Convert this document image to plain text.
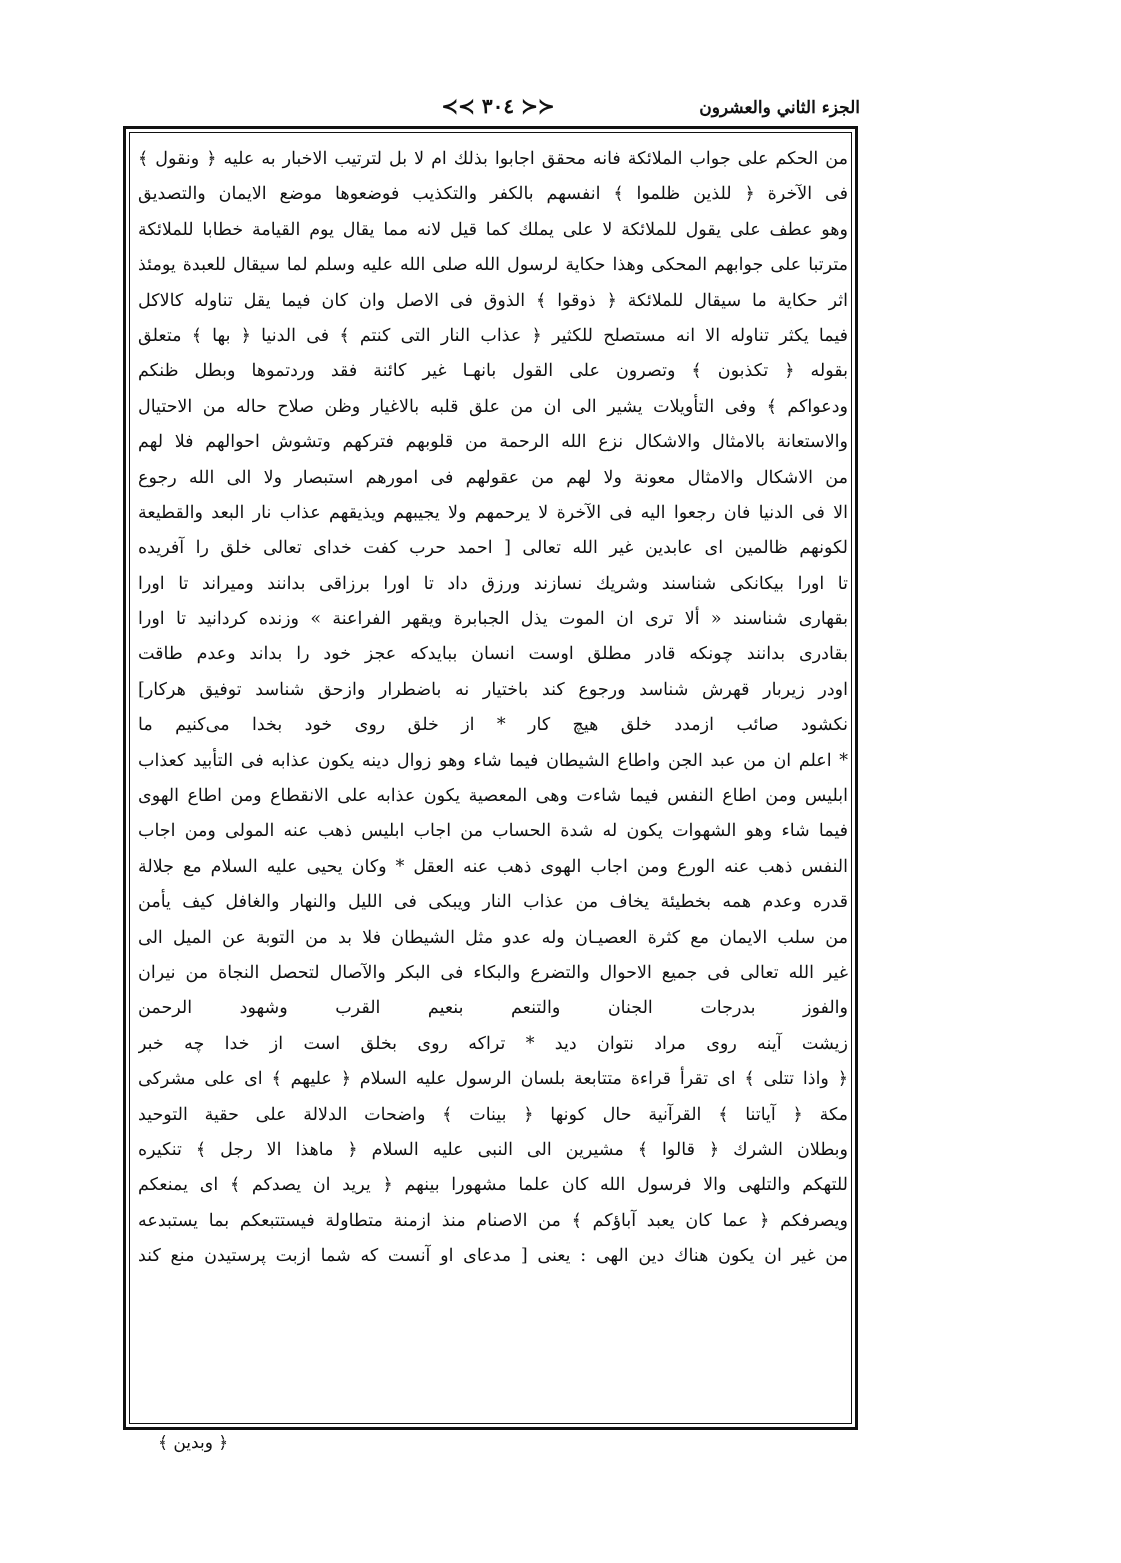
الجزء الثاني والعشرون
≺≺ ٣٠٤ ≻≻
من الحكم على جواب الملائكة فانه محقق اجابوا بذلك ام لا بل لترتيب الاخبار به عليه ﴿ ونقول ﴾
فى الآخرة ﴿ للذين ظلموا ﴾ انفسهم بالكفر والتكذيب فوضعوها موضع الايمان والتصديق
وهو عطف على يقول للملائكة لا على يملك كما قيل لانه مما يقال يوم القيامة خطابا للملائكة
مترتبا على جوابهم المحكى وهذا حكاية لرسول الله صلى الله عليه وسلم لما سيقال للعبدة يومئذ
اثر حكاية ما سيقال للملائكة ﴿ ذوقوا ﴾ الذوق فى الاصل وان كان فيما يقل تناوله كالاكل
فيما يكثر تناوله الا انه مستصلح للكثير ﴿ عذاب النار التى كنتم ﴾ فى الدنيا ﴿ بها ﴾ متعلق
بقوله ﴿ تكذبون ﴾ وتصرون على القول بانهـا غير كائنة فقد وردتموها وبطل ظنكم
ودعواكم ﴾ وفى التأويلات يشير الى ان من علق قلبه بالاغيار وظن صلاح حاله من الاحتيال
والاستعانة بالامثال والاشكال نزع الله الرحمة من قلوبهم فتركهم وتشوش احوالهم فلا لهم
من الاشكال والامثال معونة ولا لهم من عقولهم فى امورهم استبصار ولا الى الله رجوع
الا فى الدنيا فان رجعوا اليه فى الآخرة لا يرحمهم ولا يجيبهم ويذيقهم عذاب نار البعد والقطيعة
لكونهم ظالمين اى عابدين غير الله تعالى [ احمد حرب كفت خداى تعالى خلق را آفريده
تا اورا بيكانكى شناسند وشريك نسازند ورزق داد تا اورا برزاقى بدانند وميراند تا اورا
بقهارى شناسند « ألا ترى ان الموت يذل الجبابرة ويقهر الفراعنة » وزنده كردانيد تا اورا
بقادرى بدانند چونكه قادر مطلق اوست انسان ببايدكه عجز خود را بداند وعدم طاقت
اودر زيربار قهرش شناسد ورجوع كند باختيار نه باضطرار وازحق شناسد توفيق هركار]
نكشود صائب ازمدد خلق هيچ كار * از خلق روى خود بخدا مى‌كنيم ما
* اعلم ان من عبد الجن واطاع الشيطان فيما شاء وهو زوال دينه يكون عذابه فى التأبيد كعذاب
ابليس ومن اطاع النفس فيما شاءت وهى المعصية يكون عذابه على الانقطاع ومن اطاع الهوى
فيما شاء وهو الشهوات يكون له شدة الحساب من اجاب ابليس ذهب عنه المولى ومن اجاب
النفس ذهب عنه الورع ومن اجاب الهوى ذهب عنه العقل * وكان يحيى عليه السلام مع جلالة
قدره وعدم همه بخطيئة يخاف من عذاب النار ويبكى فى الليل والنهار والغافل كيف يأمن
من سلب الايمان مع كثرة العصيـان وله عدو مثل الشيطان فلا بد من التوبة عن الميل الى
غير الله تعالى فى جميع الاحوال والتضرع والبكاء فى البكر والآصال لتحصل النجاة من نيران
والفوز بدرجات الجنان والتنعم بنعيم القرب وشهود الرحمن
زيشت آينه روى مراد نتوان ديد * تراكه روى بخلق است از خدا چه خبر
﴿ واذا تتلى ﴾ اى تقرأ قراءة متتابعة بلسان الرسول عليه السلام ﴿ عليهم ﴾ اى على مشركى
مكة ﴿ آياتنا ﴾ القرآنية حال كونها ﴿ بينات ﴾ واضحات الدلالة على حقية التوحيد
وبطلان الشرك ﴿ قالوا ﴾ مشيرين الى النبى عليه السلام ﴿ ماهذا الا رجل ﴾ تنكيره
للتهكم والتلهى والا فرسول الله كان علما مشهورا بينهم ﴿ يريد ان يصدكم ﴾ اى يمنعكم
ويصرفكم ﴿ عما كان يعبد آباؤكم ﴾ من الاصنام منذ ازمنة متطاولة فيستتبعكم بما يستبدعه
من غير ان يكون هناك دين الهى : يعنى [ مدعاى او آنست كه شما ازبت پرستيدن منع كند
﴿ وبدين ﴾
